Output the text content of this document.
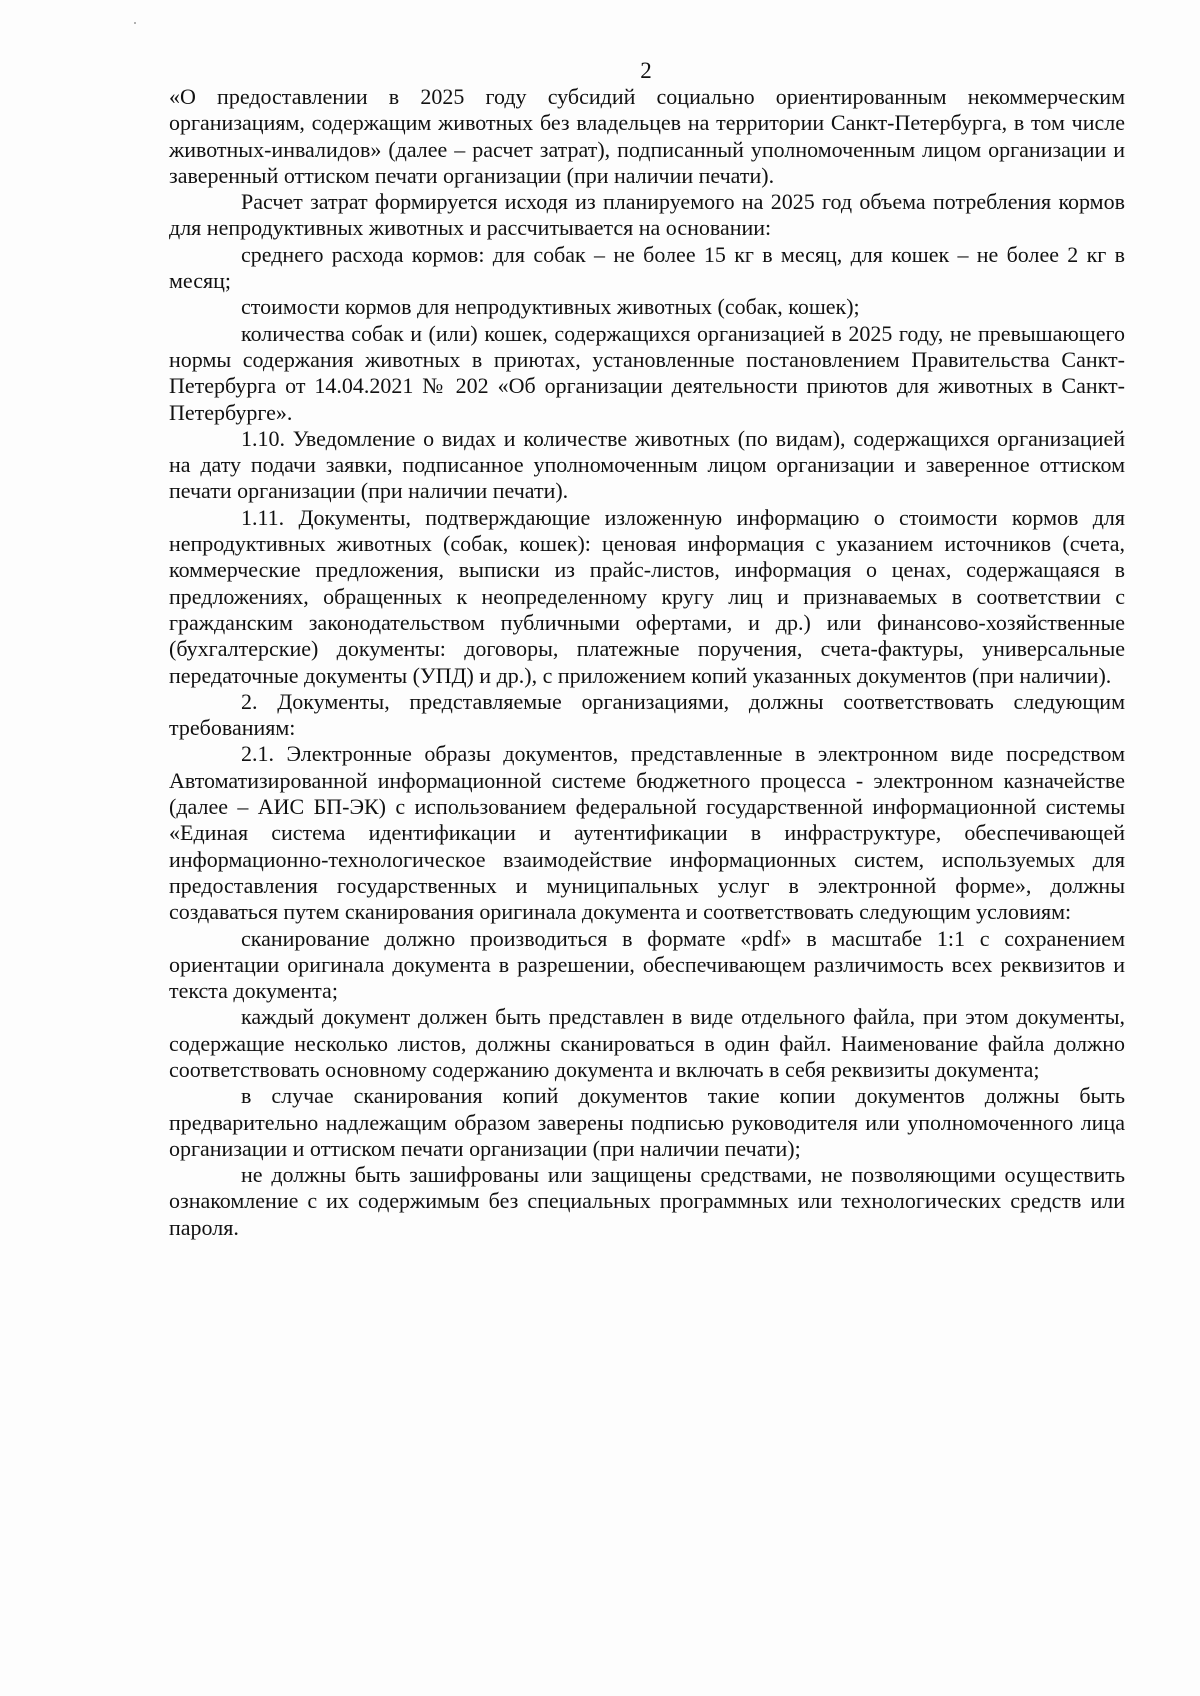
2

«О предоставлении в 2025 году субсидий социально ориентированным некоммерческим организациям, содержащим животных без владельцев на территории Санкт-Петербурга, в том числе животных-инвалидов» (далее – расчет затрат), подписанный уполномоченным лицом организации и заверенный оттиском печати организации (при наличии печати).

Расчет затрат формируется исходя из планируемого на 2025 год объема потребления кормов для непродуктивных животных и рассчитывается на основании:

среднего расхода кормов: для собак – не более 15 кг в месяц, для кошек – не более 2 кг в месяц;

стоимости кормов для непродуктивных животных (собак, кошек);

количества собак и (или) кошек, содержащихся организацией в 2025 году, не превышающего нормы содержания животных в приютах, установленные постановлением Правительства Санкт-Петербурга от 14.04.2021 № 202 «Об организации деятельности приютов для животных в Санкт-Петербурге».

1.10. Уведомление о видах и количестве животных (по видам), содержащихся организацией на дату подачи заявки, подписанное уполномоченным лицом организации и заверенное оттиском печати организации (при наличии печати).

1.11. Документы, подтверждающие изложенную информацию о стоимости кормов для непродуктивных животных (собак, кошек): ценовая информация с указанием источников (счета, коммерческие предложения, выписки из прайс-листов, информация о ценах, содержащаяся в предложениях, обращенных к неопределенному кругу лиц и признаваемых в соответствии с гражданским законодательством публичными офертами, и др.) или финансово-хозяйственные (бухгалтерские) документы: договоры, платежные поручения, счета-фактуры, универсальные передаточные документы (УПД) и др.), с приложением копий указанных документов (при наличии).

2. Документы, представляемые организациями, должны соответствовать следующим требованиям:

2.1. Электронные образы документов, представленные в электронном виде посредством Автоматизированной информационной системе бюджетного процесса - электронном казначействе (далее – АИС БП-ЭК) с использованием федеральной государственной информационной системы «Единая система идентификации и аутентификации в инфраструктуре, обеспечивающей информационно-технологическое взаимодействие информационных систем, используемых для предоставления государственных и муниципальных услуг в электронной форме», должны создаваться путем сканирования оригинала документа и соответствовать следующим условиям:

сканирование должно производиться в формате «pdf» в масштабе 1:1 с сохранением ориентации оригинала документа в разрешении, обеспечивающем различимость всех реквизитов и текста документа;

каждый документ должен быть представлен в виде отдельного файла, при этом документы, содержащие несколько листов, должны сканироваться в один файл. Наименование файла должно соответствовать основному содержанию документа и включать в себя реквизиты документа;

в случае сканирования копий документов такие копии документов должны быть предварительно надлежащим образом заверены подписью руководителя или уполномоченного лица организации и оттиском печати организации (при наличии печати);

не должны быть зашифрованы или защищены средствами, не позволяющими осуществить ознакомление с их содержимым без специальных программных или технологических средств или пароля.
